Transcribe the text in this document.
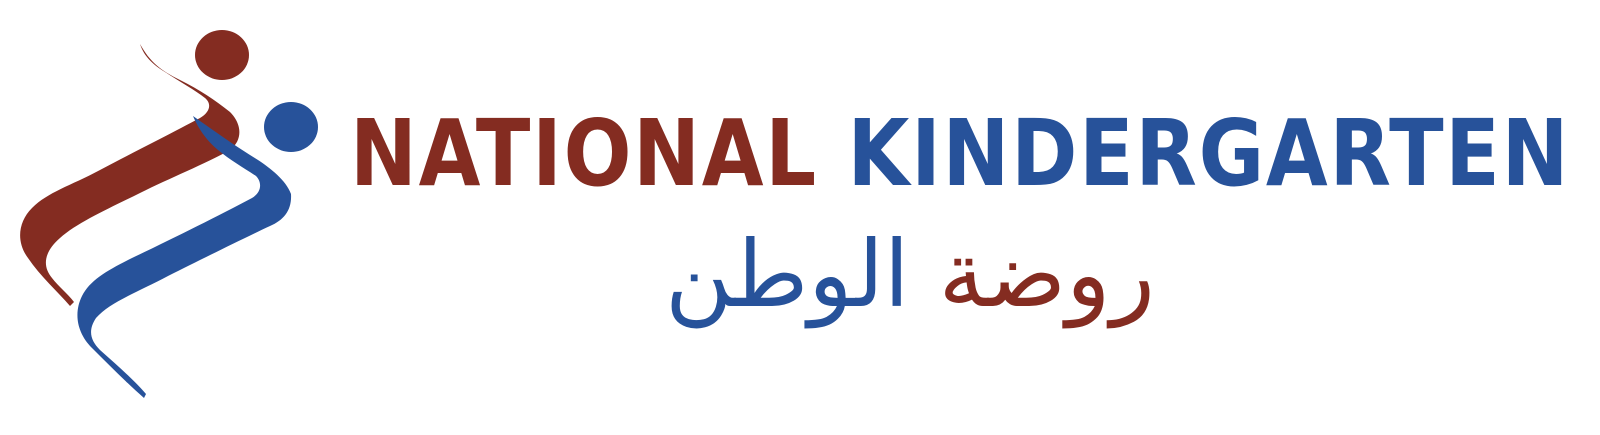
NATIONAL KINDERGARTEN
روضة الوطن
